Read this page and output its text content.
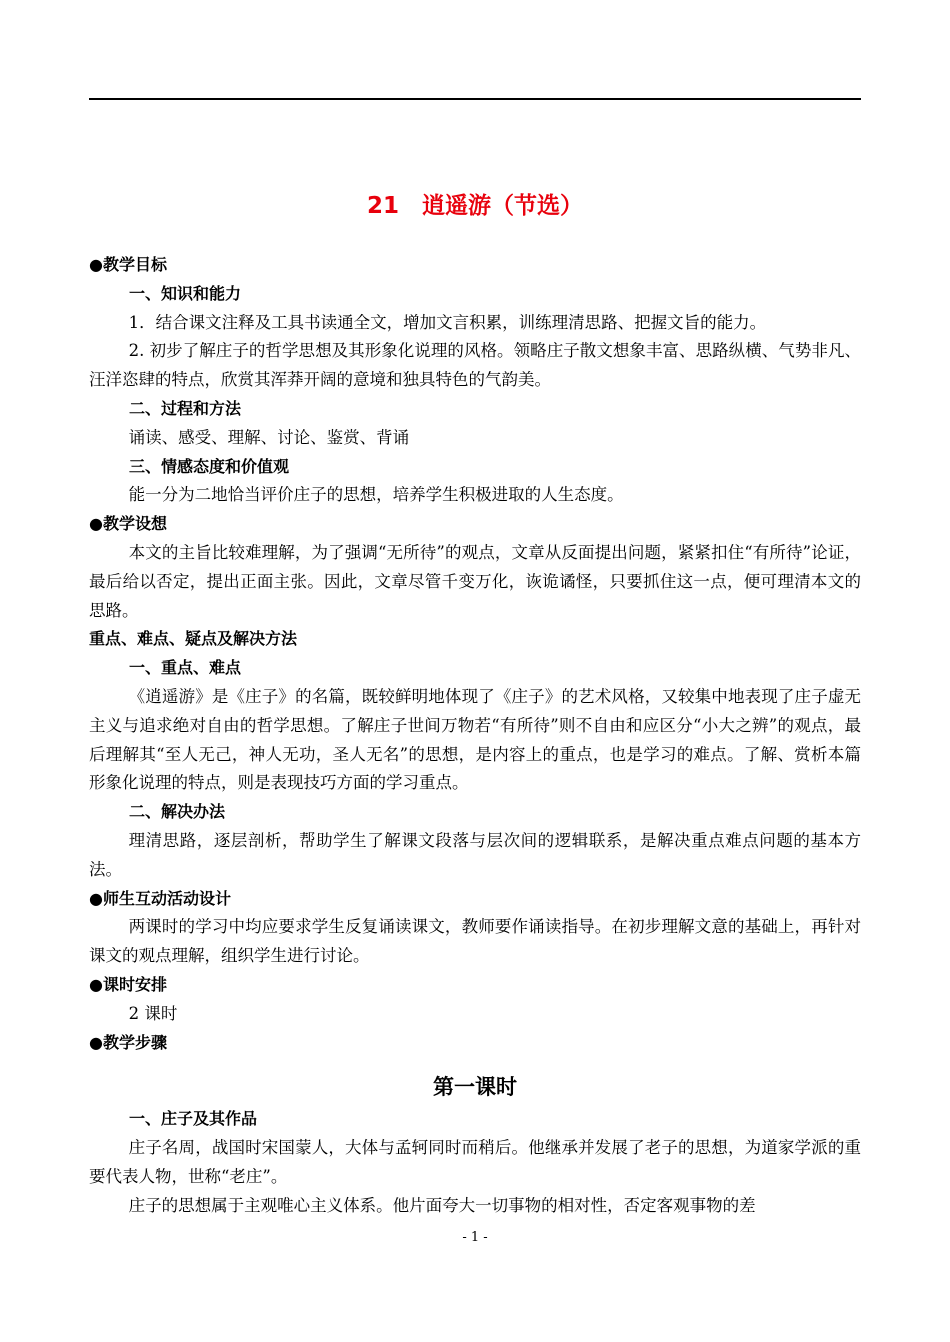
21　逍遥游（节选）

●教学目标

一、知识和能力

1．结合课文注释及工具书读通全文，增加文言积累，训练理清思路、把握文旨的能力。

2. 初步了解庄子的哲学思想及其形象化说理的风格。领略庄子散文想象丰富、思路纵横、气势非凡、汪洋恣肆的特点，欣赏其浑莽开阔的意境和独具特色的气韵美。

二、过程和方法

诵读、感受、理解、讨论、鉴赏、背诵

三、情感态度和价值观

能一分为二地恰当评价庄子的思想，培养学生积极进取的人生态度。

●教学设想

本文的主旨比较难理解，为了强调“无所待”的观点，文章从反面提出问题，紧紧扣住“有所待”论证，最后给以否定，提出正面主张。因此，文章尽管千变万化，诙诡谲怪，只要抓住这一点，便可理清本文的思路。

重点、难点、疑点及解决方法

一、重点、难点

《逍遥游》是《庄子》的名篇，既较鲜明地体现了《庄子》的艺术风格，又较集中地表现了庄子虚无主义与追求绝对自由的哲学思想。了解庄子世间万物若“有所待”则不自由和应区分“小大之辨”的观点，最后理解其“至人无己，神人无功，圣人无名”的思想，是内容上的重点，也是学习的难点。了解、赏析本篇形象化说理的特点，则是表现技巧方面的学习重点。

二、解决办法

理清思路，逐层剖析，帮助学生了解课文段落与层次间的逻辑联系，是解决重点难点问题的基本方法。

●师生互动活动设计

两课时的学习中均应要求学生反复诵读课文，教师要作诵读指导。在初步理解文意的基础上，再针对课文的观点理解，组织学生进行讨论。

●课时安排

2 课时

●教学步骤

第一课时

一、庄子及其作品

庄子名周，战国时宋国蒙人，大体与孟轲同时而稍后。他继承并发展了老子的思想，为道家学派的重要代表人物，世称“老庄”。

庄子的思想属于主观唯心主义体系。他片面夸大一切事物的相对性，否定客观事物的差

- 1 -
